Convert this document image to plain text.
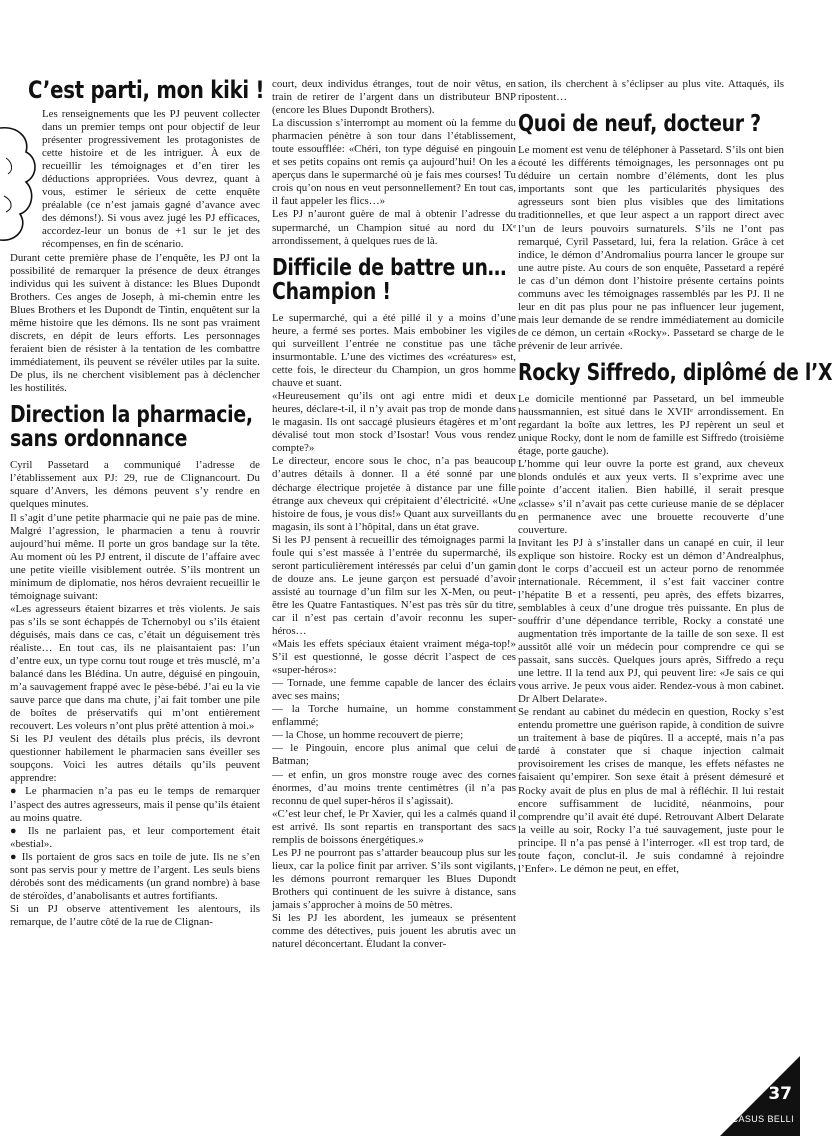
C’est parti, mon kiki !

Les renseignements que les PJ peuvent collecter dans un premier temps ont pour objectif de leur présenter progressivement les protagonistes de cette histoire et de les intriguer. À eux de recueillir les témoignages et d’en tirer les déductions appropriées. Vous devrez, quant à vous, estimer le sérieux de cette enquête préalable (ce n’est jamais gagné d’avance avec des démons!). Si vous avez jugé les PJ efficaces, accordez-leur un bonus de +1 sur le jet des récompenses, en fin de scénario.

Durant cette première phase de l’enquête, les PJ ont la possibilité de remarquer la présence de deux étranges individus qui les suivent à distance: les Blues Dupondt Brothers. Ces anges de Joseph, à mi-chemin entre les Blues Brothers et les Dupondt de Tintin, enquêtent sur la même histoire que les démons. Ils ne sont pas vraiment discrets, en dépit de leurs efforts. Les personnages feraient bien de résister à la tentation de les combattre immédiatement, ils peuvent se révéler utiles par la suite. De plus, ils ne cherchent visiblement pas à déclencher les hostilités.

Direction la pharmacie,
sans ordonnance

Cyril Passetard a communiqué l’adresse de l’établissement aux PJ: 29, rue de Clignancourt. Du square d’Anvers, les démons peuvent s’y rendre en quelques minutes.

Il s’agit d’une petite pharmacie qui ne paie pas de mine. Malgré l’agression, le pharmacien a tenu à rouvrir aujourd’hui même. Il porte un gros bandage sur la tête. Au moment où les PJ entrent, il discute de l’affaire avec une petite vieille visiblement outrée. S’ils montrent un minimum de diplomatie, nos héros devraient recueillir le témoignage suivant:

«Les agresseurs étaient bizarres et très violents. Je sais pas s’ils se sont échappés de Tchernobyl ou s’ils étaient déguisés, mais dans ce cas, c’était un déguisement très réaliste… En tout cas, ils ne plaisantaient pas: l’un d’entre eux, un type cornu tout rouge et très musclé, m’a balancé dans les Blédina. Un autre, déguisé en pingouin, m’a sauvagement frappé avec le pèse-bébé. J’ai eu la vie sauve parce que dans ma chute, j’ai fait tomber une pile de boîtes de préservatifs qui m’ont entièrement recouvert. Les voleurs n’ont plus prêté attention à moi.»

Si les PJ veulent des détails plus précis, ils devront questionner habilement le pharmacien sans éveiller ses soupçons. Voici les autres détails qu’ils peuvent apprendre:

● Le pharmacien n’a pas eu le temps de remarquer l’aspect des autres agresseurs, mais il pense qu’ils étaient au moins quatre.

● Ils ne parlaient pas, et leur comportement était «bestial».

● Ils portaient de gros sacs en toile de jute. Ils ne s’en sont pas servis pour y mettre de l’argent. Les seuls biens dérobés sont des médicaments (un grand nombre) à base de stéroïdes, d’anabolisants et autres fortifiants.

Si un PJ observe attentivement les alentours, ils remarque, de l’autre côté de la rue de Clignan-

court, deux individus étranges, tout de noir vêtus, en train de retirer de l’argent dans un distributeur BNP (encore les Blues Dupondt Brothers).

La discussion s’interrompt au moment où la femme du pharmacien pénètre à son tour dans l’établissement, toute essoufflée: «Chéri, ton type déguisé en pingouin et ses petits copains ont remis ça aujourd’hui! On les a aperçus dans le supermarché où je fais mes courses! Tu crois qu’on nous en veut personnellement? En tout cas, il faut appeler les flics…»

Les PJ n’auront guère de mal à obtenir l’adresse du supermarché, un Champion situé au nord du IXᵉ arrondissement, à quelques rues de là.

Difficile de battre un…
Champion !

Le supermarché, qui a été pillé il y a moins d’une heure, a fermé ses portes. Mais embobiner les vigiles qui surveillent l’entrée ne constitue pas une tâche insurmontable. L’une des victimes des «créatures» est, cette fois, le directeur du Champion, un gros homme chauve et suant.

«Heureusement qu’ils ont agi entre midi et deux heures, déclare-t-il, il n’y avait pas trop de monde dans le magasin. Ils ont saccagé plusieurs étagères et m’ont dévalisé tout mon stock d’Isostar! Vous vous rendez compte?»

Le directeur, encore sous le choc, n’a pas beaucoup d’autres détails à donner. Il a été sonné par une décharge électrique projetée à distance par une fille étrange aux cheveux qui crépitaient d’électricité. «Une histoire de fous, je vous dis!» Quant aux surveillants du magasin, ils sont à l’hôpital, dans un état grave.

Si les PJ pensent à recueillir des témoignages parmi la foule qui s’est massée à l’entrée du supermarché, ils seront particulièrement intéressés par celui d’un gamin de douze ans. Le jeune garçon est persuadé d’avoir assisté au tournage d’un film sur les X-Men, ou peut-être les Quatre Fantastiques. N’est pas très sûr du titre, car il n’est pas certain d’avoir reconnu les super-héros…

«Mais les effets spéciaux étaient vraiment méga-top!» S’il est questionné, le gosse décrit l’aspect de ces «super-héros»:

— Tornade, une femme capable de lancer des éclairs avec ses mains;

— la Torche humaine, un homme constamment enflammé;

— la Chose, un homme recouvert de pierre;

— le Pingouin, encore plus animal que celui de Batman;

— et enfin, un gros monstre rouge avec des cornes énormes, d’au moins trente centimètres (il n’a pas reconnu de quel super-héros il s’agissait).

«C’est leur chef, le Pr Xavier, qui les a calmés quand il est arrivé. Ils sont repartis en transportant des sacs remplis de boissons énergétiques.»

Les PJ ne pourront pas s’attarder beaucoup plus sur les lieux, car la police finit par arriver. S’ils sont vigilants, les démons pourront remarquer les Blues Dupondt Brothers qui continuent de les suivre à distance, sans jamais s’approcher à moins de 50 mètres.

Si les PJ les abordent, les jumeaux se présentent comme des détectives, puis jouent les abrutis avec un naturel déconcertant. Éludant la conver-

sation, ils cherchent à s’éclipser au plus vite. Attaqués, ils ripostent…

Quoi de neuf, docteur ?

Le moment est venu de téléphoner à Passetard. S’ils ont bien écouté les différents témoignages, les personnages ont pu déduire un certain nombre d’éléments, dont les plus importants sont que les particularités physiques des agresseurs sont bien plus visibles que des limitations traditionnelles, et que leur aspect a un rapport direct avec l’un de leurs pouvoirs surnaturels. S’ils ne l’ont pas remarqué, Cyril Passetard, lui, fera la relation. Grâce à cet indice, le démon d’Andromalius pourra lancer le groupe sur une autre piste. Au cours de son enquête, Passetard a repéré le cas d’un démon dont l’histoire présente certains points communs avec les témoignages rassemblés par les PJ. Il ne leur en dit pas plus pour ne pas influencer leur jugement, mais leur demande de se rendre immédiatement au domicile de ce démon, un certain «Rocky». Passetard se charge de le prévenir de leur arrivée.

Rocky Siffredo, diplômé de l’X

Le domicile mentionné par Passetard, un bel immeuble haussmannien, est situé dans le XVIIᵉ arrondissement. En regardant la boîte aux lettres, les PJ repèrent un seul et unique Rocky, dont le nom de famille est Siffredo (troisième étage, porte gauche).

L’homme qui leur ouvre la porte est grand, aux cheveux blonds ondulés et aux yeux verts. Il s’exprime avec une pointe d’accent italien. Bien habillé, il serait presque «classe» s’il n’avait pas cette curieuse manie de se déplacer en permanence avec une brouette recouverte d’une couverture.

Invitant les PJ à s’installer dans un canapé en cuir, il leur explique son histoire. Rocky est un démon d’Andrealphus, dont le corps d’accueil est un acteur porno de renommée internationale. Récemment, il s’est fait vacciner contre l’hépatite B et a ressenti, peu après, des effets bizarres, semblables à ceux d’une drogue très puissante. En plus de souffrir d’une dépendance terrible, Rocky a constaté une augmentation très importante de la taille de son sexe. Il est aussitôt allé voir un médecin pour comprendre ce qui se passait, sans succès. Quelques jours après, Siffredo a reçu une lettre. Il la tend aux PJ, qui peuvent lire: «Je sais ce qui vous arrive. Je peux vous aider. Rendez-vous à mon cabinet. Dr Albert Delarate».

Se rendant au cabinet du médecin en question, Rocky s’est entendu promettre une guérison rapide, à condition de suivre un traitement à base de piqûres. Il a accepté, mais n’a pas tardé à constater que si chaque injection calmait provisoirement les crises de manque, les effets néfastes ne faisaient qu’empirer. Son sexe était à présent démesuré et Rocky avait de plus en plus de mal à réfléchir. Il lui restait encore suffisamment de lucidité, néanmoins, pour comprendre qu’il avait été dupé. Retrouvant Albert Delarate la veille au soir, Rocky l’a tué sauvagement, juste pour le principe. Il n’a pas pensé à l’interroger. «Il est trop tard, de toute façon, conclut-il. Je suis condamné à rejoindre l’Enfer». Le démon ne peut, en effet,

37
CASUS BELLI
